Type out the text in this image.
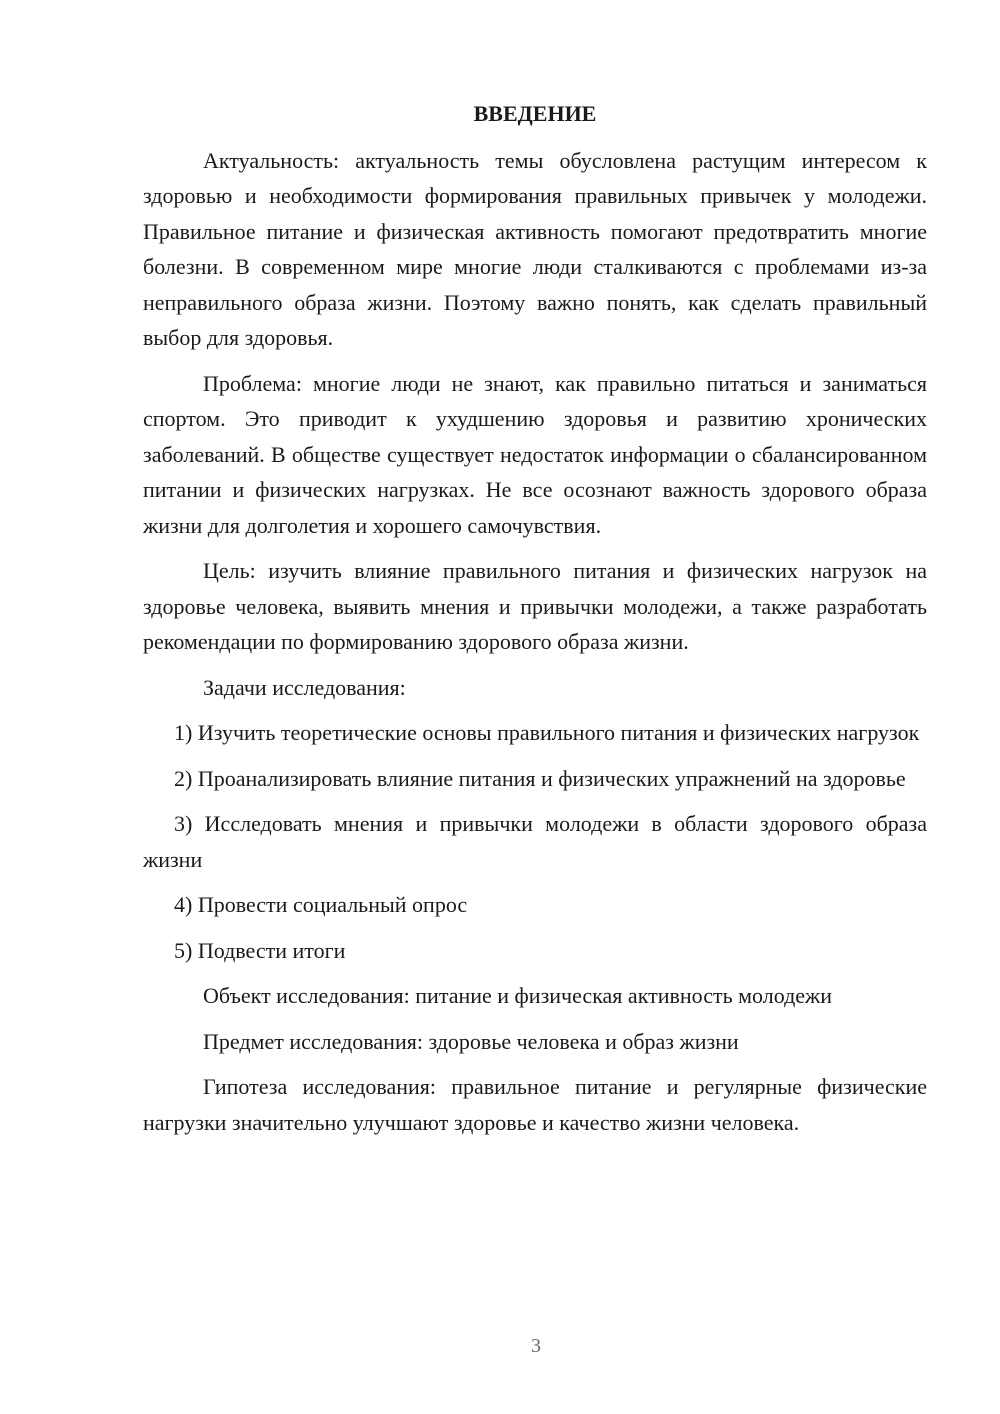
ВВЕДЕНИЕ

Актуальность: актуальность темы обусловлена растущим интересом к здоровью и необходимости формирования правильных привычек у молодежи. Правильное питание и физическая активность помогают предотвратить многие болезни. В современном мире многие люди сталкиваются с проблемами из-за неправильного образа жизни. Поэтому важно понять, как сделать правильный выбор для здоровья.

Проблема: многие люди не знают, как правильно питаться и заниматься спортом. Это приводит к ухудшению здоровья и развитию хронических заболеваний. В обществе существует недостаток информации о сбалансированном питании и физических нагрузках. Не все осознают важность здорового образа жизни для долголетия и хорошего самочувствия.

Цель: изучить влияние правильного питания и физических нагрузок на здоровье человека, выявить мнения и привычки молодежи, а также разработать рекомендации по формированию здорового образа жизни.

Задачи исследования:

1) Изучить теоретические основы правильного питания и физических нагрузок

2) Проанализировать влияние питания и физических упражнений на здоровье

3) Исследовать мнения и привычки молодежи в области здорового образа жизни

4) Провести социальный опрос

5) Подвести итоги

Объект исследования: питание и физическая активность молодежи

Предмет исследования: здоровье человека и образ жизни

Гипотеза исследования: правильное питание и регулярные физические нагрузки значительно улучшают здоровье и качество жизни человека.

3
